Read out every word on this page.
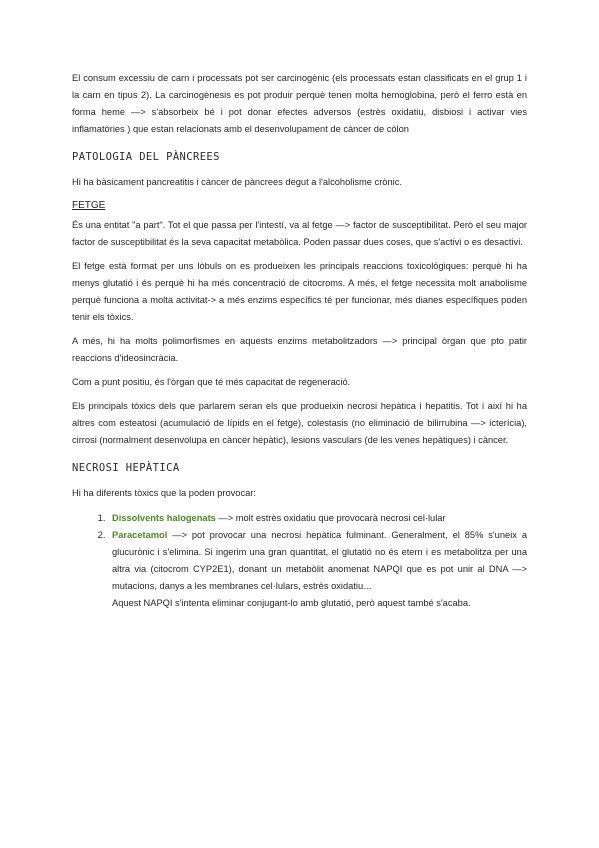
El consum excessiu de carn i processats pot ser carcinogènic (els processats estan classificats en el grup 1 i la carn en tipus 2). La carcinogènesis es pot produir perquè tenen molta hemoglobina, però el ferro està en forma heme —> s'absorbeix bé i pot donar efectes adversos (estrès oxidatiu, disbiosi i activar vies inflamatòries ) que estan relacionats amb el desenvolupament de càncer de còlon

PATOLOGIA DEL PÀNCREES

Hi ha bàsicament pancreatitis i càncer de pàncrees degut a l'alcoholisme crònic.

FETGE

És una entitat "a part". Tot el que passa per l'intestí, va al fetge —> factor de susceptibilitat. Però el seu major factor de susceptibilitat és la seva capacitat metabòlica. Poden passar dues coses, que s'activi o es desactivi.

El fetge està format per uns lòbuls on es produeixen les principals reaccions toxicològiques: perquè hi ha menys glutatió i és perquè hi ha més concentració de citocroms. A més, el fetge necessita molt anabolisme perquè funciona a molta activitat-> a més enzims específics té per funcionar, més dianes específiques poden tenir els tòxics.

A més, hi ha molts polimorfismes en aquests enzims metabolitzadors —> principal òrgan que pto patir reaccions d'ideosincràcia.

Com a punt positiu, és l'òrgan que té més capacitat de regeneració.

Els principals tòxics dels que parlarem seran els que produeixin necrosi hepàtica i hepatitis. Tot i així hi ha altres com esteatosi (acumulació de lípids en el fetge), colestasis (no eliminació de bilirrubina —> icterícia), cirrosi (normalment desenvolupa en càncer hepàtic), lesions vasculars (de les venes hepàtiques) i càncer.

NECROSI HEPÀTICA

Hi ha diferents tòxics que la poden provocar:

1. Dissolvents halogenats —> molt estrès oxidatiu que provocarà necrosi cel·lular
2. Paracetamol —> pot provocar una necrosi hepàtica fulminant. Generalment, el 85% s'uneix a glucurònic i s'elimina. Si ingerim una gran quantitat, el glutatió no és etern i es metabolitza per una altra via (citocrom CYP2E1), donant un metabòlit anomenat NAPQI que es pot unir al DNA —> mutacions, danys a les membranes cel·lulars, estrès oxidatiu…
Aquest NAPQI s'intenta eliminar conjugant-lo amb glutatió, però aquest també s'acaba.
